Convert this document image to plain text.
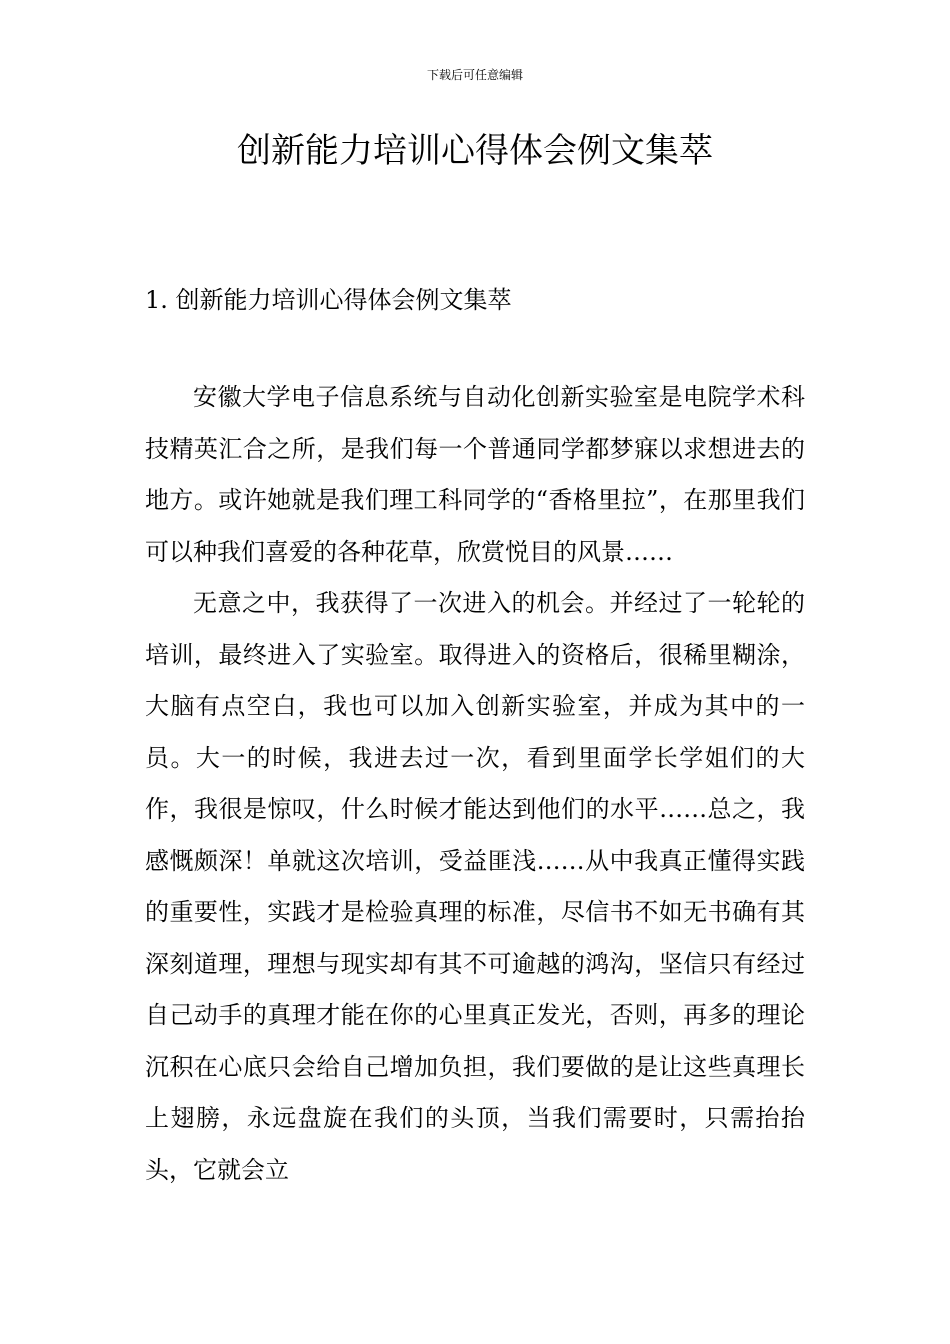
下载后可任意编辑
创新能力培训心得体会例文集萃
1. 创新能力培训心得体会例文集萃

安徽大学电子信息系统与自动化创新实验室是电院学术科技精英汇合之所，是我们每一个普通同学都梦寐以求想进去的地方。或许她就是我们理工科同学的“香格里拉”，在那里我们可以种我们喜爱的各种花草，欣赏悦目的风景……

无意之中，我获得了一次进入的机会。并经过了一轮轮的培训，最终进入了实验室。取得进入的资格后，很稀里糊涂，大脑有点空白，我也可以加入创新实验室，并成为其中的一员。大一的时候，我进去过一次，看到里面学长学姐们的大作，我很是惊叹，什么时候才能达到他们的水平……总之，我感慨颇深！单就这次培训，受益匪浅……从中我真正懂得实践的重要性，实践才是检验真理的标准，尽信书不如无书确有其深刻道理，理想与现实却有其不可逾越的鸿沟，坚信只有经过自己动手的真理才能在你的心里真正发光，否则，再多的理论沉积在心底只会给自己增加负担，我们要做的是让这些真理长上翅膀，永远盘旋在我们的头顶，当我们需要时，只需抬抬头，它就会立
